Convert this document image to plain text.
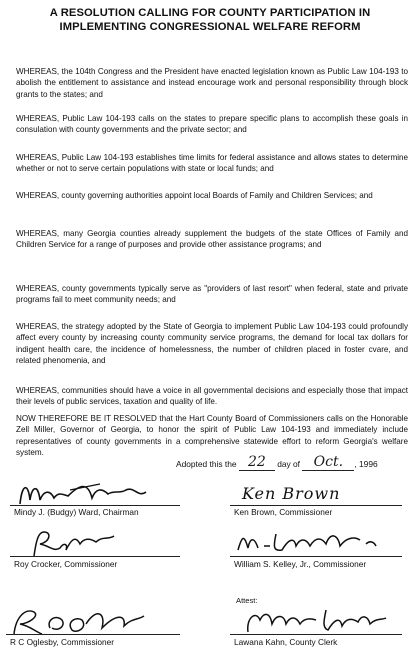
A RESOLUTION CALLING FOR COUNTY PARTICIPATION IN
IMPLEMENTING CONGRESSIONAL WELFARE REFORM

WHEREAS, the 104th Congress and the President have enacted legislation known as Public Law 104-193 to abolish the entitlement to assistance and instead encourage work and personal responsibility through block grants to the states; and

WHEREAS, Public Law 104-193 calls on the states to prepare specific plans to accomplish these goals in consulation with county governments and the private sector; and

WHEREAS, Public Law 104-193 establishes time limits for federal assistance and allows states to determine whether or not to serve certain populations with state or local funds; and

WHEREAS, county governing authorities appoint local Boards of Family and Children Services; and

WHEREAS, many Georgia counties already supplement the budgets of the state Offices of Family and Children Service for a range of purposes and provide other assistance programs; and

WHEREAS, county governments typically serve as "providers of last resort" when federal, state and private programs fail to meet community needs; and

WHEREAS, the strategy adopted by the State of Georgia to implement Public Law 104-193 could profoundly affect every county by increasing county community service programs, the demand for local tax dollars for indigent health care, the incidence of homelessness, the number of children placed in foster cvare, and related phenomenia, and

WHEREAS, communities should have a voice in all governmental decisions and especially those that impact their levels of public services, taxation and quality of life.

NOW THEREFORE BE IT RESOLVED that the Hart County Board of Commissioners calls on the Honorable Zell Miller, Governor of Georgia, to honor the spirit of Public Law 104-193 and immediately include representatives of county governments in a comprehensive statewide effort to reform Georgia's welfare system.

Adopted this the 22 day of Oct. , 1996
Mindy J. (Budgy) Ward, Chairman
Ken Brown
Ken Brown, Commissioner
Roy Crocker, Commissioner	William S. Kelley, Jr., Commissioner
R C Oglesby, Commissioner
Attest:
Lawana Kahn, County Clerk
